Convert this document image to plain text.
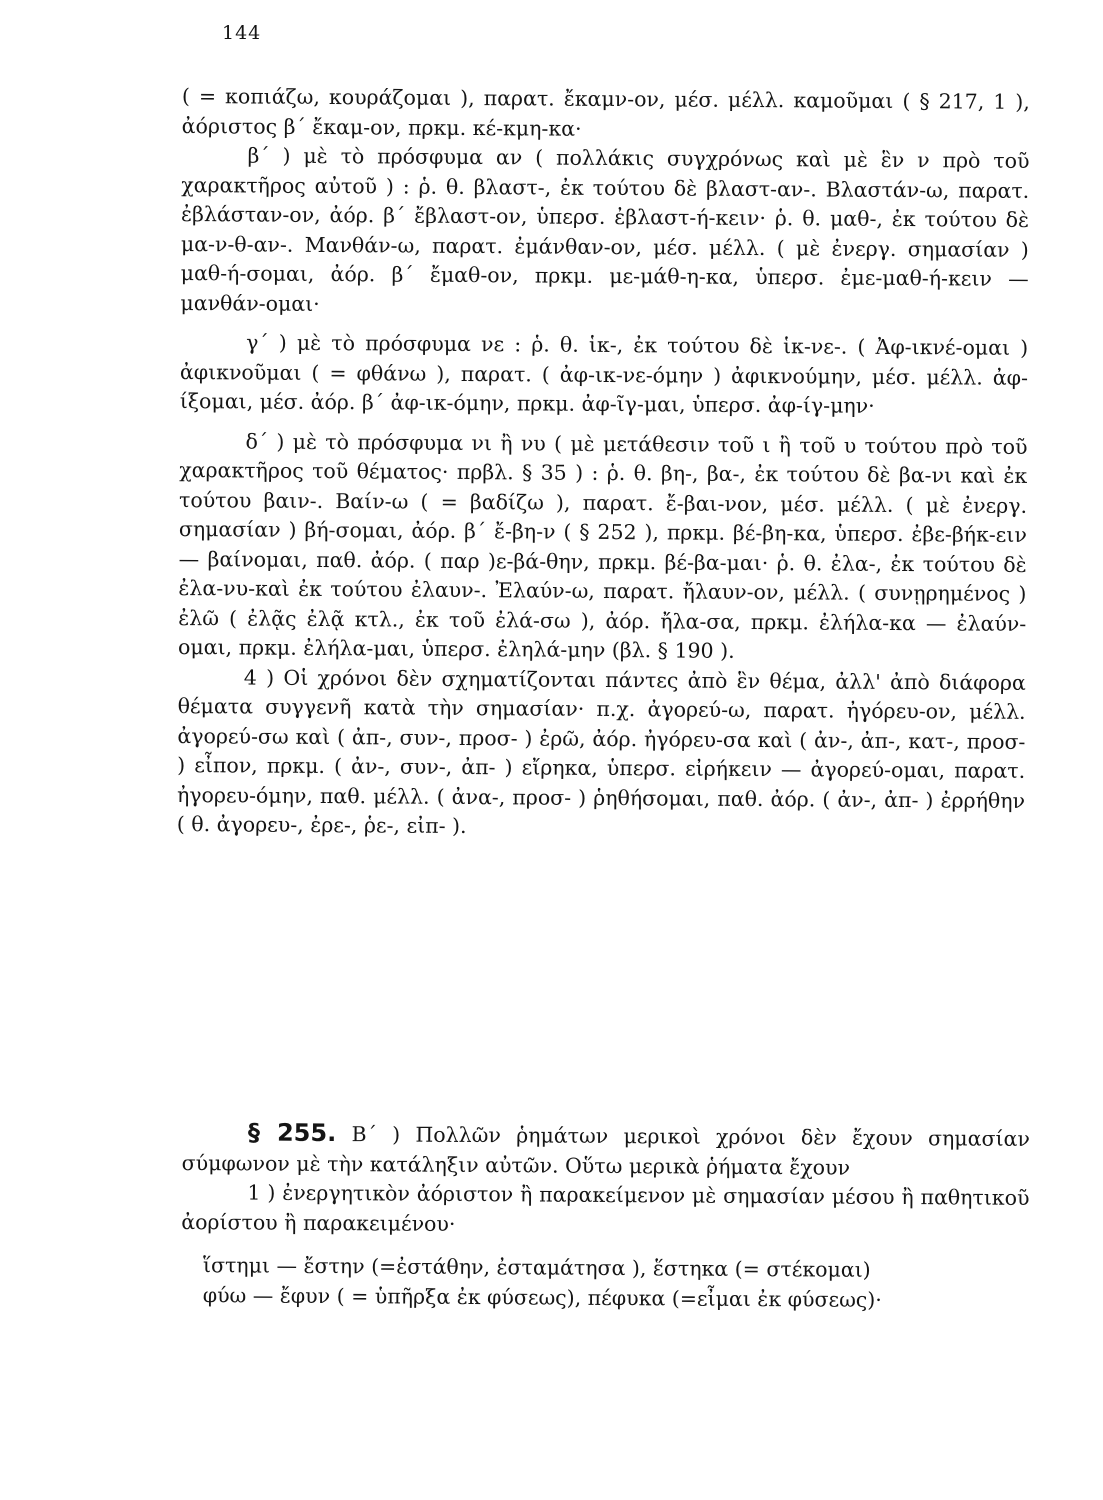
144

( = κοπιάζω, κουράζομαι ), παρατ. ἔκαμν-ον, μέσ. μέλλ. καμοῦμαι ( § 217, 1 ), ἀόριστος β΄ ἔκαμ-ον, πρκμ. κέ-κμη-κα·

β΄ ) μὲ τὸ πρόσφυμα αν ( πολλάκις συγχρόνως καὶ μὲ ἓν ν πρὸ τοῦ χαρακτῆρος αὐτοῦ ) : ῥ. θ. βλαστ-, ἐκ τούτου δὲ βλαστ-αν-. Βλαστάν-ω, παρατ. ἐβλάσταν-ον, ἀόρ. β΄ ἔβλαστ-ον, ὑπερσ. ἐβλαστ-ή-κειν· ῥ. θ. μαθ-, ἐκ τούτου δὲ μα-ν-θ-αν-. Μανθάν-ω, παρατ. ἐμάνθαν-ον, μέσ. μέλλ. ( μὲ ἐνεργ. σημασίαν ) μαθ-ή-σομαι, ἀόρ. β΄ ἔμαθ-ον, πρκμ. με-μάθ-η-κα, ὑπερσ. ἐμε-μαθ-ή-κειν — μανθάν-ομαι·

γ΄ ) μὲ τὸ πρόσφυμα νε : ῥ. θ. ἱκ-, ἐκ τούτου δὲ ἱκ-νε-. ( Ἀφ-ικνέ-ομαι ) ἀφικνοῦμαι ( = φθάνω ), παρατ. ( ἀφ-ικ-νε-όμην ) ἀφικνούμην, μέσ. μέλλ. ἀφ-ίξομαι, μέσ. ἀόρ. β΄ ἀφ-ικ-όμην, πρκμ. ἀφ-ῖγ-μαι, ὑπερσ. ἀφ-ίγ-μην·

δ΄ ) μὲ τὸ πρόσφυμα νι ἢ νυ ( μὲ μετάθεσιν τοῦ ι ἢ τοῦ υ τούτου πρὸ τοῦ χαρακτῆρος τοῦ θέματος· πρβλ. § 35 ) : ῥ. θ. βη-, βα-, ἐκ τούτου δὲ βα-νι καὶ ἐκ τούτου βαιν-. Βαίν-ω ( = βαδίζω ), παρατ. ἔ-βαι-νον, μέσ. μέλλ. ( μὲ ἐνεργ. σημασίαν ) βή-σομαι, ἀόρ. β΄ ἔ-βη-ν ( § 252 ), πρκμ. βέ-βη-κα, ὑπερσ. ἐβε-βήκ-ειν — βαίνομαι, παθ. ἀόρ. ( παρ )ε-βά-θην, πρκμ. βέ-βα-μαι· ῥ. θ. ἐλα-, ἐκ τούτου δὲ ἐλα-νυ-καὶ ἐκ τούτου ἐλαυν-. Ἐλαύν-ω, παρατ. ἤλαυν-ον, μέλλ. ( συνῃρημένος ) ἐλῶ ( ἐλᾷς ἐλᾷ κτλ., ἐκ τοῦ ἐλά-σω ), ἀόρ. ἤλα-σα, πρκμ. ἐλήλα-κα — ἐλαύν-ομαι, πρκμ. ἐλήλα-μαι, ὑπερσ. ἐληλά-μην (βλ. § 190 ).

4 ) Οἱ χρόνοι δὲν σχηματίζονται πάντες ἀπὸ ἓν θέμα, ἀλλ' ἀπὸ διάφορα θέματα συγγενῆ κατὰ τὴν σημασίαν· π.χ. ἀγορεύ-ω, παρατ. ἠγόρευ-ον, μέλλ. ἀγορεύ-σω καὶ ( ἀπ-, συν-, προσ- ) ἐρῶ, ἀόρ. ἠγόρευ-σα καὶ ( ἀν-, ἀπ-, κατ-, προσ- ) εἶπον, πρκμ. ( ἀν-, συν-, ἀπ- ) εἴρηκα, ὑπερσ. εἰρήκειν — ἀγορεύ-ομαι, παρατ. ἠγορευ-όμην, παθ. μέλλ. ( ἀνα-, προσ- ) ῥηθήσομαι, παθ. ἀόρ. ( ἀν-, ἀπ- ) ἐρρήθην ( θ. ἀγορευ-, ἐρε-, ῥε-, εἰπ- ).

§ 255. Β΄ ) Πολλῶν ῥημάτων μερικοὶ χρόνοι δὲν ἔχουν σημασίαν σύμφωνον μὲ τὴν κατάληξιν αὐτῶν. Οὕτω μερικὰ ῥήματα ἔχουν

1 ) ἐνεργητικὸν ἀόριστον ἢ παρακείμενον μὲ σημασίαν μέσου ἢ παθητικοῦ ἀορίστου ἢ παρακειμένου·

ἵστημι — ἔστην (=ἐστάθην, ἐσταμάτησα ), ἕστηκα (= στέκομαι)

φύω — ἔφυν ( = ὑπῆρξα ἐκ φύσεως), πέφυκα (=εἶμαι ἐκ φύσεως)·
